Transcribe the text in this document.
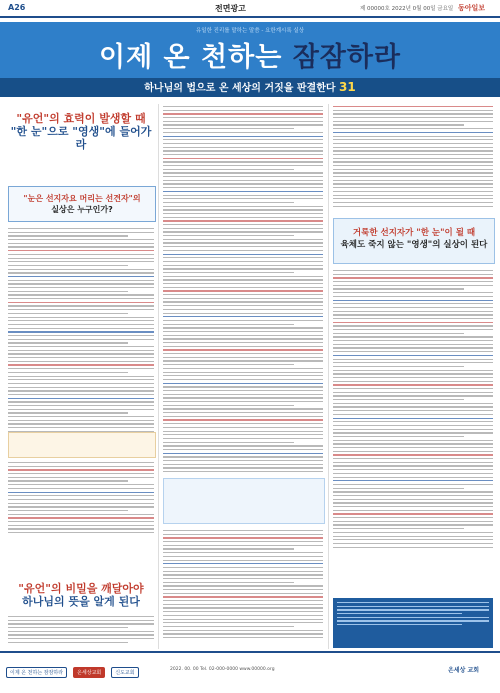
A26	전면광고	제 00000호 2022년 0월 00일 금요일 동아일보
유일한 진리를 말하는 말씀 - 요한계시록 실상
이제 온 천하는 잠잠하라
하나님의 법으로 온 세상의 거짓을 판결한다 31
"유언"의 효력이 발생할 때
"한 눈"으로 "영생"에 들어가라
"눈은 선지자요 머리는 선견자"의
실상은 누구인가?
"유언"의 비밀을 깨달아야
하나님의 뜻을 알게 된다
거룩한 선지자가 "한 눈"이 될 때
육체도 죽지 않는 "영생"의 실상이 된다
이제 온 천하는 잠잠하라	온세상교회	신도교회
2022. 00. 00 Tel. 02-000-0000 www.00000.org	온세상 교회
